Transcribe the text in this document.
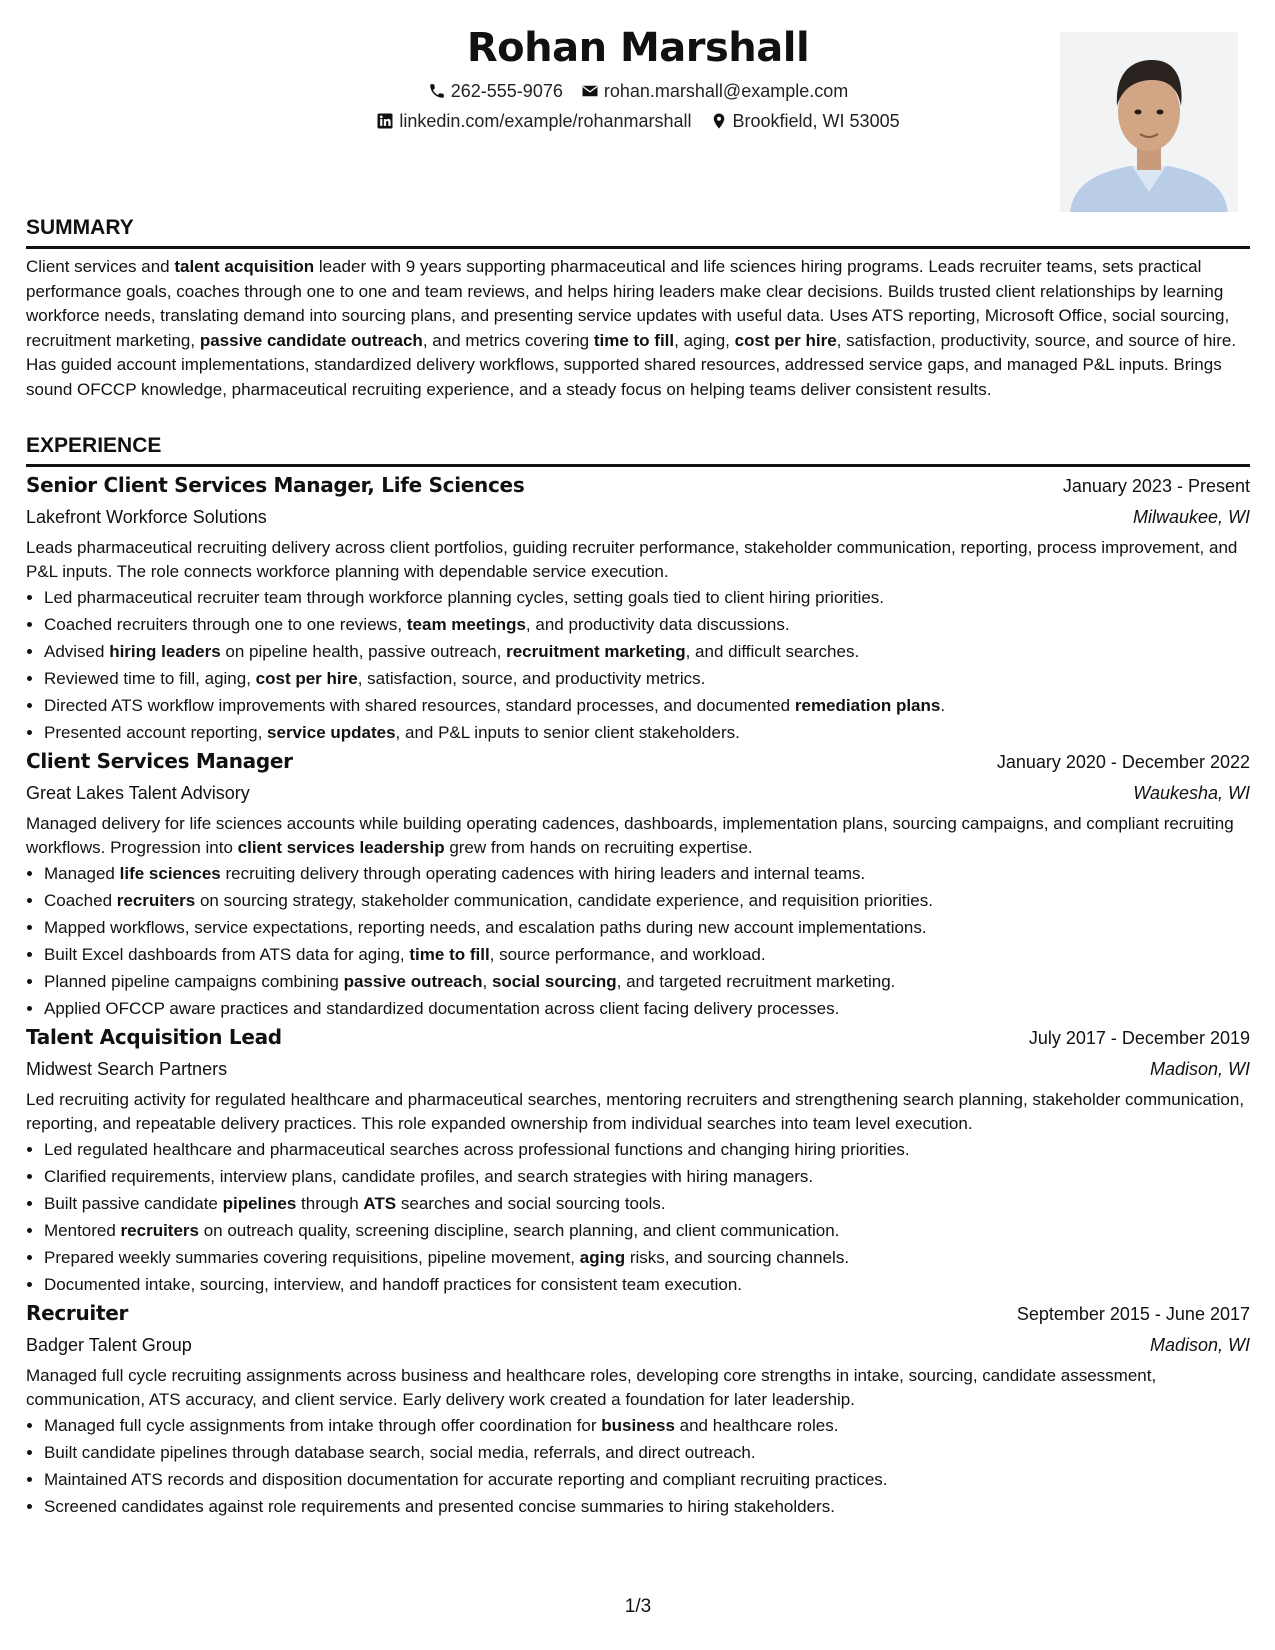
Rohan Marshall
262-555-9076 rohan.marshall@example.com
linkedin.com/example/rohanmarshall Brookfield, WI 53005
SUMMARY
Client services and talent acquisition leader with 9 years supporting pharmaceutical and life sciences hiring programs. Leads recruiter teams, sets practical performance goals, coaches through one to one and team reviews, and helps hiring leaders make clear decisions. Builds trusted client relationships by learning workforce needs, translating demand into sourcing plans, and presenting service updates with useful data. Uses ATS reporting, Microsoft Office, social sourcing, recruitment marketing, passive candidate outreach, and metrics covering time to fill, aging, cost per hire, satisfaction, productivity, source, and source of hire. Has guided account implementations, standardized delivery workflows, supported shared resources, addressed service gaps, and managed P&L inputs. Brings sound OFCCP knowledge, pharmaceutical recruiting experience, and a steady focus on helping teams deliver consistent results.
EXPERIENCE
Senior Client Services Manager, Life Sciences	January 2023 - Present
Lakefront Workforce Solutions	Milwaukee, WI
Leads pharmaceutical recruiting delivery across client portfolios, guiding recruiter performance, stakeholder communication, reporting, process improvement, and P&L inputs. The role connects workforce planning with dependable service execution.
• Led pharmaceutical recruiter team through workforce planning cycles, setting goals tied to client hiring priorities.
• Coached recruiters through one to one reviews, team meetings, and productivity data discussions.
• Advised hiring leaders on pipeline health, passive outreach, recruitment marketing, and difficult searches.
• Reviewed time to fill, aging, cost per hire, satisfaction, source, and productivity metrics.
• Directed ATS workflow improvements with shared resources, standard processes, and documented remediation plans.
• Presented account reporting, service updates, and P&L inputs to senior client stakeholders.
Client Services Manager	January 2020 - December 2022
Great Lakes Talent Advisory	Waukesha, WI
Managed delivery for life sciences accounts while building operating cadences, dashboards, implementation plans, sourcing campaigns, and compliant recruiting workflows. Progression into client services leadership grew from hands on recruiting expertise.
• Managed life sciences recruiting delivery through operating cadences with hiring leaders and internal teams.
• Coached recruiters on sourcing strategy, stakeholder communication, candidate experience, and requisition priorities.
• Mapped workflows, service expectations, reporting needs, and escalation paths during new account implementations.
• Built Excel dashboards from ATS data for aging, time to fill, source performance, and workload.
• Planned pipeline campaigns combining passive outreach, social sourcing, and targeted recruitment marketing.
• Applied OFCCP aware practices and standardized documentation across client facing delivery processes.
Talent Acquisition Lead	July 2017 - December 2019
Midwest Search Partners	Madison, WI
Led recruiting activity for regulated healthcare and pharmaceutical searches, mentoring recruiters and strengthening search planning, stakeholder communication, reporting, and repeatable delivery practices. This role expanded ownership from individual searches into team level execution.
• Led regulated healthcare and pharmaceutical searches across professional functions and changing hiring priorities.
• Clarified requirements, interview plans, candidate profiles, and search strategies with hiring managers.
• Built passive candidate pipelines through ATS searches and social sourcing tools.
• Mentored recruiters on outreach quality, screening discipline, search planning, and client communication.
• Prepared weekly summaries covering requisitions, pipeline movement, aging risks, and sourcing channels.
• Documented intake, sourcing, interview, and handoff practices for consistent team execution.
Recruiter	September 2015 - June 2017
Badger Talent Group	Madison, WI
Managed full cycle recruiting assignments across business and healthcare roles, developing core strengths in intake, sourcing, candidate assessment, communication, ATS accuracy, and client service. Early delivery work created a foundation for later leadership.
• Managed full cycle assignments from intake through offer coordination for business and healthcare roles.
• Built candidate pipelines through database search, social media, referrals, and direct outreach.
• Maintained ATS records and disposition documentation for accurate reporting and compliant recruiting practices.
• Screened candidates against role requirements and presented concise summaries to hiring stakeholders.
1/3
